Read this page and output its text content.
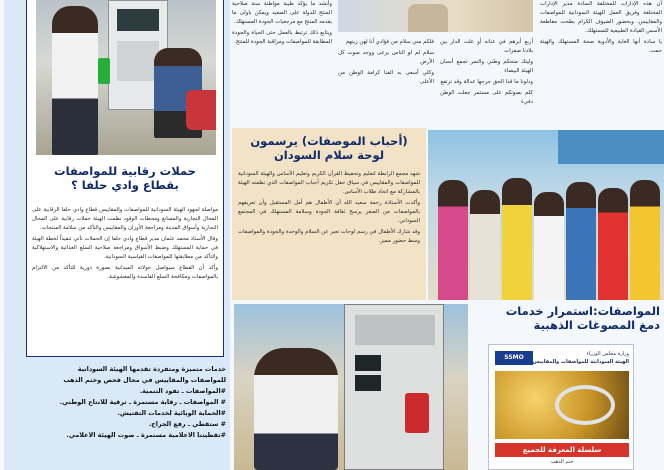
وأنشد ما يؤكد طيبة مواطنة سنة صلاحية المنتج للدولة على الصعيد ويمكن باولى ما يقدمه المنتج مع مرجعيات الجودة المستهلك.

ويتابع ذلك ترتبط بالعمل حتى الحياة والجودة المطابقة للمواصفات ومراقبة الجودة للمنتج.	فلكم مني سلام من فؤادي أنا لهن زينهم

سلام لم لو الناس يرعى ووجد صوت كل الأرض

وكلي أسعى به الفنا كرامة الوطن من الأعلى

أربع أبرهم في عنانه أو علت الدار بين بلادنا صفرات

وليتك متحكم وطني والنمر تجمع أنسان الهيئة البيضاء

ودلونا ما قدا الحق جرحها عدالة وقد ترتفع

كلم بصوتكم على مستمر جعلت الوطن دفيء

أن هذه الإدارات للمختلفة السادة مدير الإدارات المختلفة وفريق العمل للهيئة السودانية للمواصفات والمقاييس، وبحضور الضيوف الكرام بطحت مقاطعة الأسس القيادة الطبيعية للمستهلك.

يا سادة أنها الغاية والأدوية صحة المستهلك والهيئة حمت.

حملات رقابية للمواصفات
بقطاع وادي حلفا ؟

مواصلة لجهود الهيئة السودانية للمواصفات والمقاييس قطاع وادي حلفا الرقابية على المحال التجارية والمصانع ومحطات الوقود نظمت الهيئة حملات رقابية على المحال التجارية وأسواق المدينة ومراجعة الأوزان والمقاييس والتأكد من سلامة المنتجات.

وقال الأستاذ محمد عثمان مدير قطاع وادي حلفا إن الحملات تأتي تنفيذاً لخطة الهيئة في حماية المستهلك وضبط الأسواق ومراجعة صلاحية السلع الغذائية والاستهلاكية والتأكد من مطابقتها للمواصفات القياسية السودانية.

وأكد أن القطاع سيواصل جولاته الميدانية بصورة دورية للتأكد من الالتزام بالمواصفات ومكافحة السلع الفاسدة والمغشوشة.

خدمات متميزة ومتفردة تقدمها الهيئة السودانية
للمواصفات والمقاييس في مجال فحص وختم الذهب
#المواصفات ـ تقود التنمية.
# المواصفات ـ رقابة مستمرة ـ ترقية للانتاج الوطني.
#الحماية الوبائية لخدمات التفتيش.
# ستقطي ـ رقع الجراح.
#تقطيتنا الاعلامية مستمرة ـ صوت الهيئة الاعلامي.
(أحباب الموصفات) يرسمون
لوحة سلام السودان

شهد مجمع الرابطة لتعليم وتحفيظ القرآن الكريم وتعليم الأساس والهيئة السودانية للمواصفات والمقاييس في سياق حفل تكريم أحباب المواصفات الذي نظمته الهيئة بالمشاركة مع اتحاد طلاب الأساس.

وأكدت الأستاذة رحمة سعيد الله أن الأطفال هم أمل المستقبل وأن تعريفهم بالمواصفات من الصغر يرسخ ثقافة الجودة وسلامة المستهلك في المجتمع السوداني.

وقد شارك الأطفال في رسم لوحات تعبر عن السلام والوحدة والجودة والمواصفات وسط حضور مميز.

المواصفات:استمرار خدمات
دمغ المصوغات الذهبية
SSMO	وزارة مجلس الوزراء
الهيئة السودانية للمواصفات والمقاييس
سلسلة المعرفة للجميع
ختم الذهب
